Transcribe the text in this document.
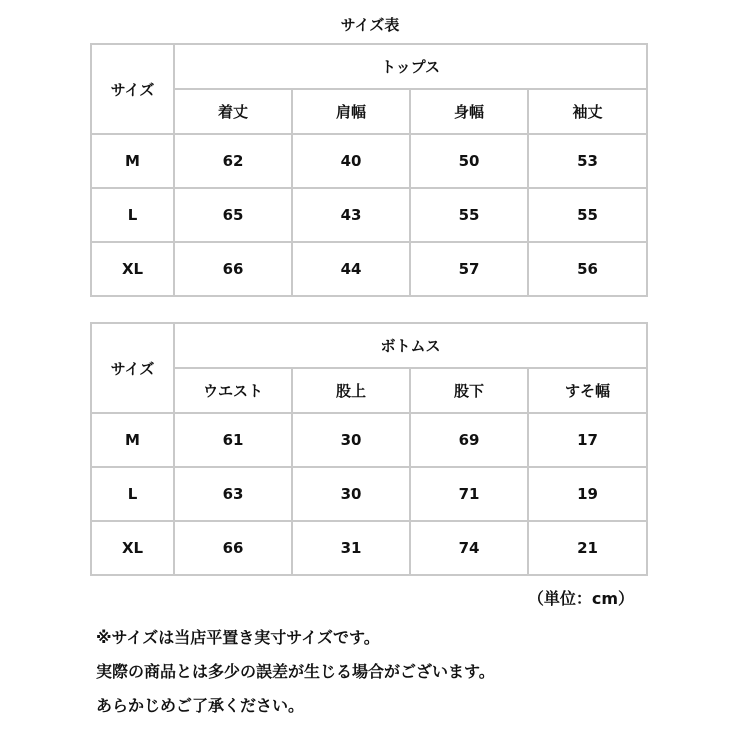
サイズ表
サイズ	トップス			
	着丈	肩幅	身幅	袖丈
M	62	40	50	53
L	65	43	55	55
XL	66	44	57	56
サイズ	ボトムス			
	ウエスト	股上	股下	すそ幅
M	61	30	69	17
L	63	30	71	19
XL	66	31	74	21
（単位：cm）
※サイズは当店平置き実寸サイズです。
実際の商品とは多少の誤差が生じる場合がございます。
あらかじめご了承ください。
